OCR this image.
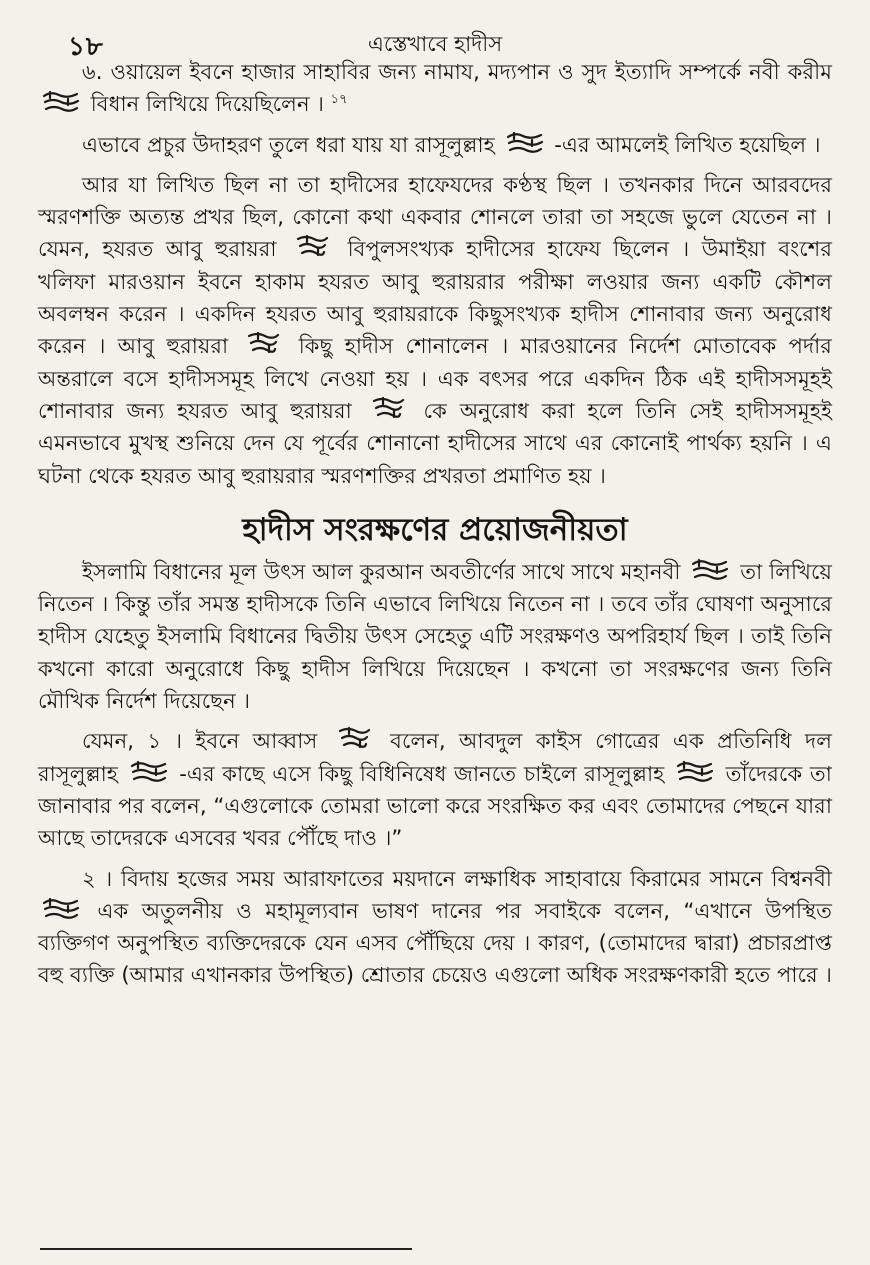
১৮	এস্তেখাবে হাদীস

৬. ওয়ায়েল ইবনে হাজার সাহাবির জন্য নামায, মদ্যপান ও সুদ ইত্যাদি সম্পর্কে নবী করীম
বিধান লিখিয়ে দিয়েছিলেন । $^{১৭}$

এভাবে প্রচুর উদাহরণ তুলে ধরা যায় যা রাসূলুল্লাহ	-এর আমলেই লিখিত হয়েছিল ।

আর যা লিখিত ছিল না তা হাদীসের হাফেযদের কণ্ঠস্থ ছিল । তখনকার দিনে আরবদের স্মরণশক্তি অত্যন্ত প্রখর ছিল, কোনো কথা একবার শোনলে তারা তা সহজে ভুলে যেতেন না । যেমন, হযরত আবু হুরায়রা	বিপুলসংখ্যক হাদীসের হাফেয ছিলেন । উমাইয়া বংশের খলিফা মারওয়ান ইবনে হাকাম হযরত আবু হুরায়রার পরীক্ষা লওয়ার জন্য একটি কৌশল অবলম্বন করেন । একদিন হযরত আবু হুরায়রাকে কিছুসংখ্যক হাদীস শোনাবার জন্য অনুরোধ করেন । আবু হুরায়রা	কিছু হাদীস শোনালেন । মারওয়ানের নির্দেশ মোতাবেক পর্দার অন্তরালে বসে হাদীসসমূহ লিখে নেওয়া হয় । এক বৎসর পরে একদিন ঠিক এই হাদীসসমূহই শোনাবার জন্য হযরত আবু হুরায়রা	কে অনুরোধ করা হলে তিনি সেই হাদীসসমূহই এমনভাবে মুখস্থ শুনিয়ে দেন যে পূর্বের শোনানো হাদীসের সাথে এর কোনোই পার্থক্য হয়নি । এ ঘটনা থেকে হযরত আবু হুরায়রার স্মরণশক্তির প্রখরতা প্রমাণিত হয় ।

হাদীস সংরক্ষণের প্রয়োজনীয়তা

ইসলামি বিধানের মূল উৎস আল কুরআন অবতীর্ণের সাথে সাথে মহানবী	তা লিখিয়ে নিতেন । কিন্তু তাঁর সমস্ত হাদীসকে তিনি এভাবে লিখিয়ে নিতেন না । তবে তাঁর ঘোষণা অনুসারে হাদীস যেহেতু ইসলামি বিধানের দ্বিতীয় উৎস সেহেতু এটি সংরক্ষণও অপরিহার্য ছিল । তাই তিনি কখনো কারো অনুরোধে কিছু হাদীস লিখিয়ে দিয়েছেন । কখনো তা সংরক্ষণের জন্য তিনি মৌখিক নির্দেশ দিয়েছেন ।

যেমন, ১ । ইবনে আব্বাস	বলেন, আবদুল কাইস গোত্রের এক প্রতিনিধি দল রাসূলুল্লাহ	-এর কাছে এসে কিছু বিধিনিষেধ জানতে চাইলে রাসূলুল্লাহ	তাঁদেরকে তা জানাবার পর বলেন, “এগুলোকে তোমরা ভালো করে সংরক্ষিত কর এবং তোমাদের পেছনে যারা আছে তাদেরকে এসবের খবর পৌঁছে দাও ।”

২ । বিদায় হজের সময় আরাফাতের ময়দানে লক্ষাধিক সাহাবায়ে কিরামের সামনে বিশ্বনবী
এক অতুলনীয় ও মহামূল্যবান ভাষণ দানের পর সবাইকে বলেন, “এখানে উপস্থিত ব্যক্তিগণ অনুপস্থিত ব্যক্তিদেরকে যেন এসব পৌঁছিয়ে দেয় । কারণ, (তোমাদের দ্বারা) প্রচারপ্রাপ্ত বহু ব্যক্তি (আমার এখানকার উপস্থিত) শ্রোতার চেয়েও এগুলো অধিক সংরক্ষণকারী হতে পারে ।
